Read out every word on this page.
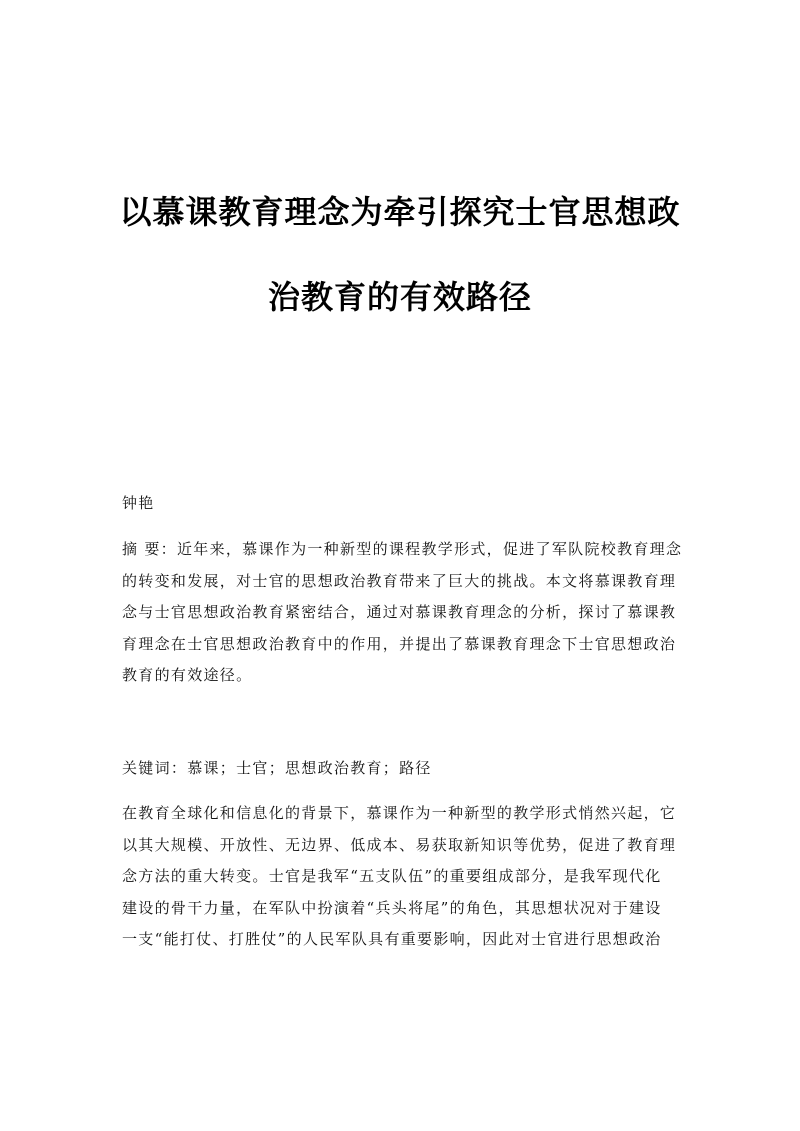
以慕课教育理念为牵引探究士官思想政
治教育的有效路径

钟艳

摘 要：近年来，慕课作为一种新型的课程教学形式，促进了军队院校教育理念
的转变和发展，对士官的思想政治教育带来了巨大的挑战。本文将慕课教育理
念与士官思想政治教育紧密结合，通过对慕课教育理念的分析，探讨了慕课教
育理念在士官思想政治教育中的作用，并提出了慕课教育理念下士官思想政治
教育的有效途径。
关键词：慕课；士官；思想政治教育；路径
在教育全球化和信息化的背景下，慕课作为一种新型的教学形式悄然兴起，它
以其大规模、开放性、无边界、低成本、易获取新知识等优势，促进了教育理
念方法的重大转变。士官是我军“五支队伍”的重要组成部分，是我军现代化
建设的骨干力量，在军队中扮演着“兵头将尾”的角色，其思想状况对于建设
一支“能打仗、打胜仗”的人民军队具有重要影响，因此对士官进行思想政治
